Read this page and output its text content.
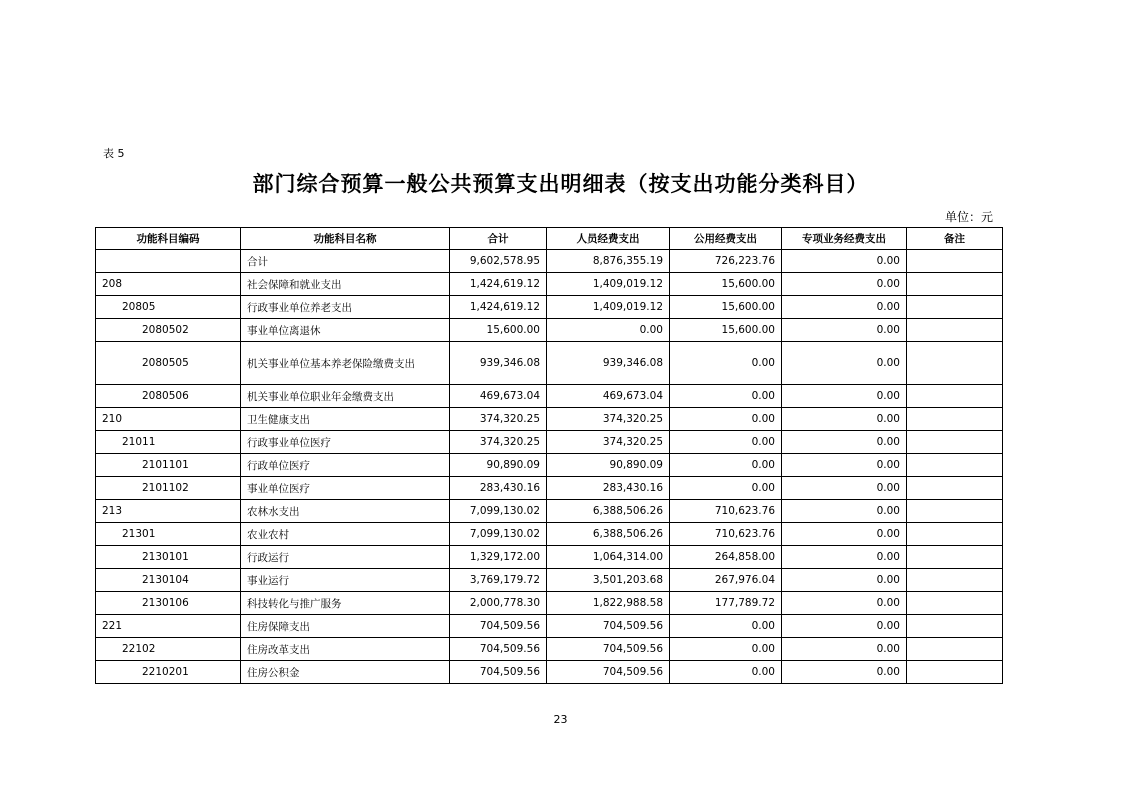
表 5
部门综合预算一般公共预算支出明细表（按支出功能分类科目）
单位：元
功能科目编码	功能科目名称	合计	人员经费支出	公用经费支出	专项业务经费支出	备注
	合计	9,602,578.95	8,876,355.19	726,223.76	0.00	
208	社会保障和就业支出	1,424,619.12	1,409,019.12	15,600.00	0.00	
20805	行政事业单位养老支出	1,424,619.12	1,409,019.12	15,600.00	0.00	
2080502	事业单位离退休	15,600.00	0.00	15,600.00	0.00	
2080505	机关事业单位基本养老保险缴费支出	939,346.08	939,346.08	0.00	0.00	
2080506	机关事业单位职业年金缴费支出	469,673.04	469,673.04	0.00	0.00	
210	卫生健康支出	374,320.25	374,320.25	0.00	0.00	
21011	行政事业单位医疗	374,320.25	374,320.25	0.00	0.00	
2101101	行政单位医疗	90,890.09	90,890.09	0.00	0.00	
2101102	事业单位医疗	283,430.16	283,430.16	0.00	0.00	
213	农林水支出	7,099,130.02	6,388,506.26	710,623.76	0.00	
21301	农业农村	7,099,130.02	6,388,506.26	710,623.76	0.00	
2130101	行政运行	1,329,172.00	1,064,314.00	264,858.00	0.00	
2130104	事业运行	3,769,179.72	3,501,203.68	267,976.04	0.00	
2130106	科技转化与推广服务	2,000,778.30	1,822,988.58	177,789.72	0.00	
221	住房保障支出	704,509.56	704,509.56	0.00	0.00	
22102	住房改革支出	704,509.56	704,509.56	0.00	0.00	
2210201	住房公积金	704,509.56	704,509.56	0.00	0.00	
23
